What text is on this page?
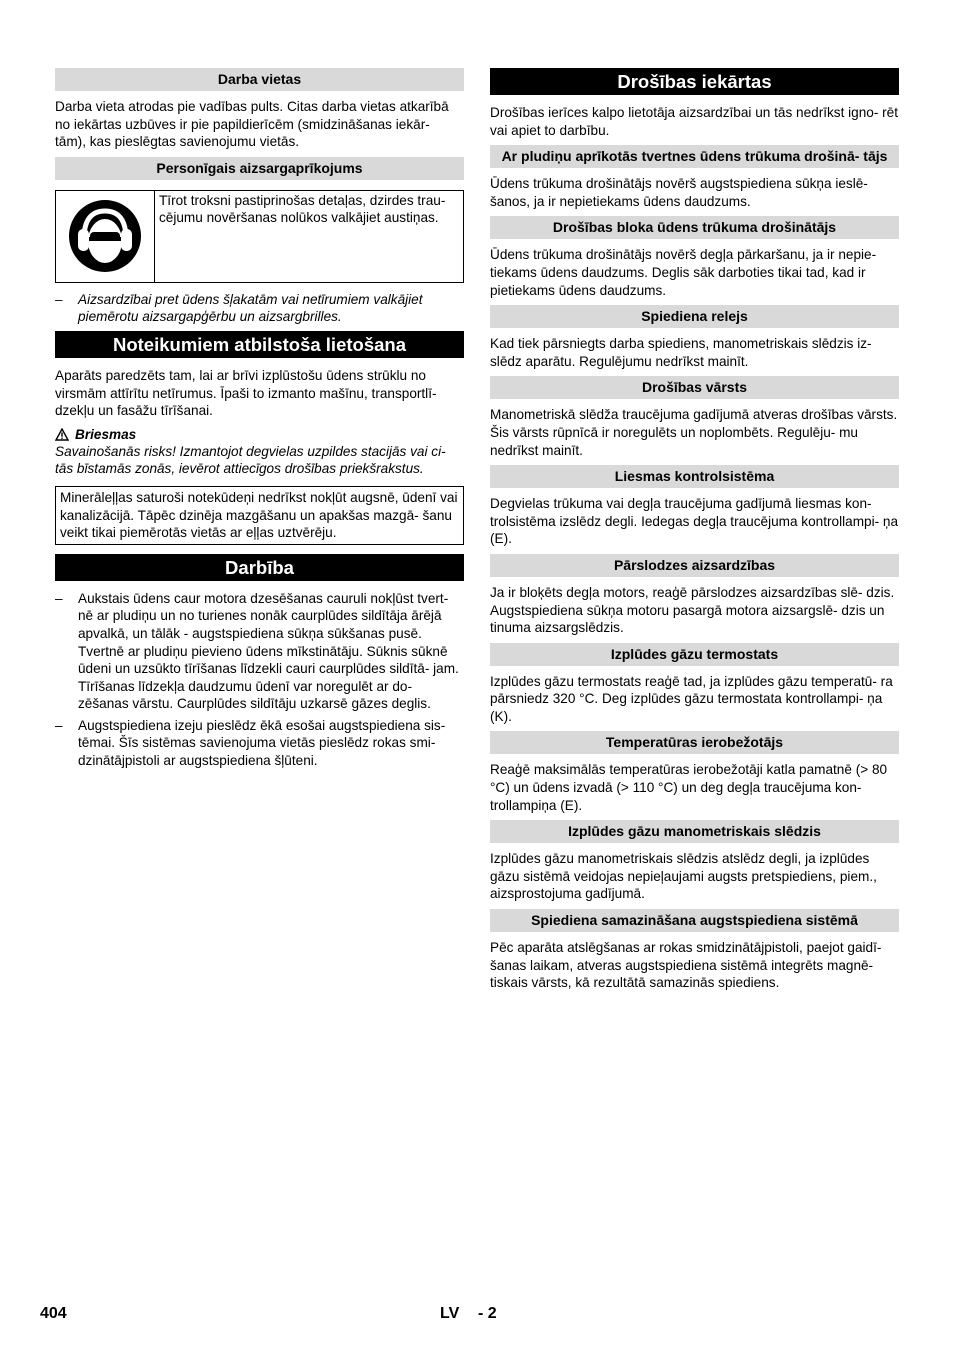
Darba vietas

Darba vieta atrodas pie vadības pults. Citas darba vietas atkarībā no iekārtas uzbūves ir pie papildierīcēm (smidzināšanas iekār- tām), kas pieslēgtas savienojumu vietās.

Personīgais aizsargaprīkojums
Tīrot troksni pastiprinošas detaļas, dzirdes trau- cējumu novēršanas nolūkos valkājiet austiņas.
–	Aizsardzībai pret ūdens šļakatām vai netīrumiem valkājiet piemērotu aizsargapģērbu un aizsargbrilles.
Noteikumiem atbilstoša lietošana

Aparāts paredzēts tam, lai ar brīvi izplūstošu ūdens strūklu no virsmām attīrītu netīrumus. Īpaši to izmanto mašīnu, transportlī- dzekļu un fasāžu tīrīšanai.

Briesmas

Savainošanās risks! Izmantojot degvielas uzpildes stacijās vai ci- tās bīstamās zonās, ievērot attiecīgos drošības priekšrakstus.

Minerāleļļas saturoši notekūdeņi nedrīkst nokļūt augsnē, ūdenī vai kanalizācijā. Tāpēc dzinēja mazgāšanu un apakšas mazgā- šanu veikt tikai piemērotās vietās ar eļļas uztvērēju.
Darbība
–	Aukstais ūdens caur motora dzesēšanas cauruli nokļūst tvert- nē ar pludiņu un no turienes nonāk caurplūdes sildītāja ārējā apvalkā, un tālāk - augstspiediena sūkņa sūkšanas pusē. Tvertnē ar pludiņu pievieno ūdens mīkstinātāju. Sūknis sūknē ūdeni un uzsūkto tīrīšanas līdzekli cauri caurplūdes sildītā- jam. Tīrīšanas līdzekļa daudzumu ūdenī var noregulēt ar do- zēšanas vārstu. Caurplūdes sildītāju uzkarsē gāzes deglis.
–	Augstspiediena izeju pieslēdz ēkā esošai augstspiediena sis- tēmai. Šīs sistēmas savienojuma vietās pieslēdz rokas smi- dzinātājpistoli ar augstspiediena šļūteni.
Drošības iekārtas

Drošības ierīces kalpo lietotāja aizsardzībai un tās nedrīkst igno- rēt vai apiet to darbību.

Ar pludiņu aprīkotās tvertnes ūdens trūkuma drošinā- tājs

Ūdens trūkuma drošinātājs novērš augstspiediena sūkņa ieslē- šanos, ja ir nepietiekams ūdens daudzums.

Drošības bloka ūdens trūkuma drošinātājs

Ūdens trūkuma drošinātājs novērš degļa pārkaršanu, ja ir nepie- tiekams ūdens daudzums. Deglis sāk darboties tikai tad, kad ir pietiekams ūdens daudzums.

Spiediena relejs

Kad tiek pārsniegts darba spiediens, manometriskais slēdzis iz- slēdz aparātu. Regulējumu nedrīkst mainīt.

Drošības vārsts

Manometriskā slēdža traucējuma gadījumā atveras drošības vārsts. Šis vārsts rūpnīcā ir noregulēts un noplombēts. Regulēju- mu nedrīkst mainīt.

Liesmas kontrolsistēma

Degvielas trūkuma vai degļa traucējuma gadījumā liesmas kon- trolsistēma izslēdz degli. Iedegas degļa traucējuma kontrollampi- ņa (E).

Pārslodzes aizsardzības

Ja ir bloķēts degļa motors, reaģē pārslodzes aizsardzības slē- dzis. Augstspiediena sūkņa motoru pasargā motora aizsargslē- dzis un tinuma aizsargslēdzis.

Izplūdes gāzu termostats

Izplūdes gāzu termostats reaģē tad, ja izplūdes gāzu temperatū- ra pārsniedz 320 °C. Deg izplūdes gāzu termostata kontrollampi- ņa (K).

Temperatūras ierobežotājs

Reaģē maksimālās temperatūras ierobežotāji katla pamatnē (> 80 °C) un ūdens izvadā (> 110 °C) un deg degļa traucējuma kon- trollampiņa (E).

Izplūdes gāzu manometriskais slēdzis

Izplūdes gāzu manometriskais slēdzis atslēdz degli, ja izplūdes gāzu sistēmā veidojas nepieļaujami augsts pretspiediens, piem., aizsprostojuma gadījumā.

Spiediena samazināšana augstspiediena sistēmā

Pēc aparāta atslēgšanas ar rokas smidzinātājpistoli, paejot gaidī- šanas laikam, atveras augstspiediena sistēmā integrēts magnē- tiskais vārsts, kā rezultātā samazinās spiediens.

404	LV - 2
